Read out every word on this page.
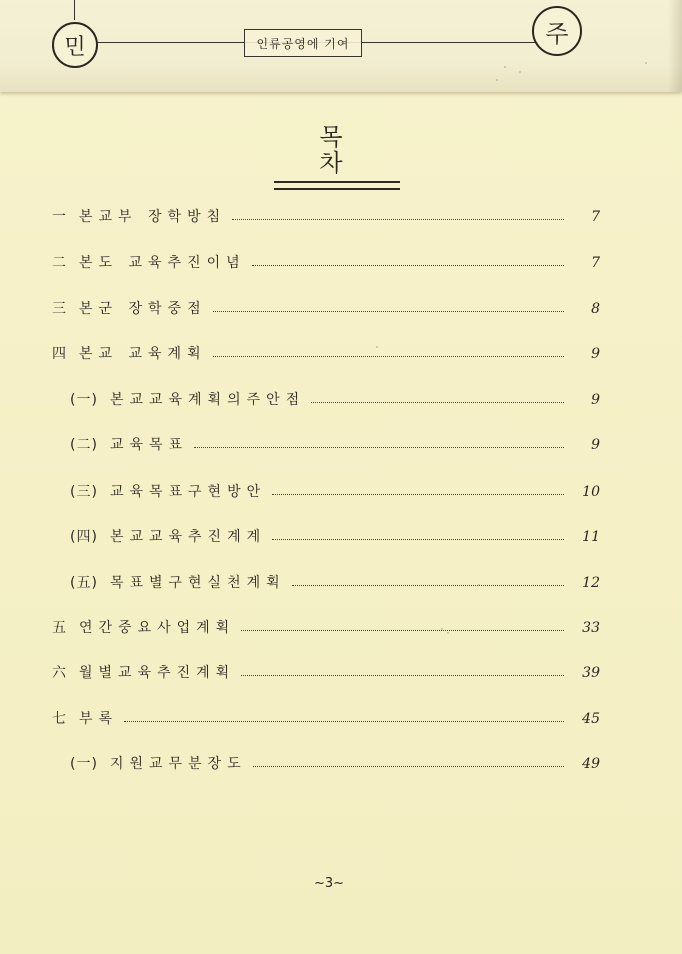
민	인류공영에 기여	주
목 차
一 본교부 장학방침	7
二 본도 교육추진이념	7
三 본군 장학중점	8
四 본교 교육계획	9
(一) 본교교육계획의주안점	9
(二) 교육목표	9
(三) 교육목표구현방안	10
(四) 본교교육추진계계	11
(五) 목표별구현실천계획	12
五 연간중요사업계획	33
六 월별교육추진계획	39
七 부록	45
(一) 지원교무분장도	49
~3~
